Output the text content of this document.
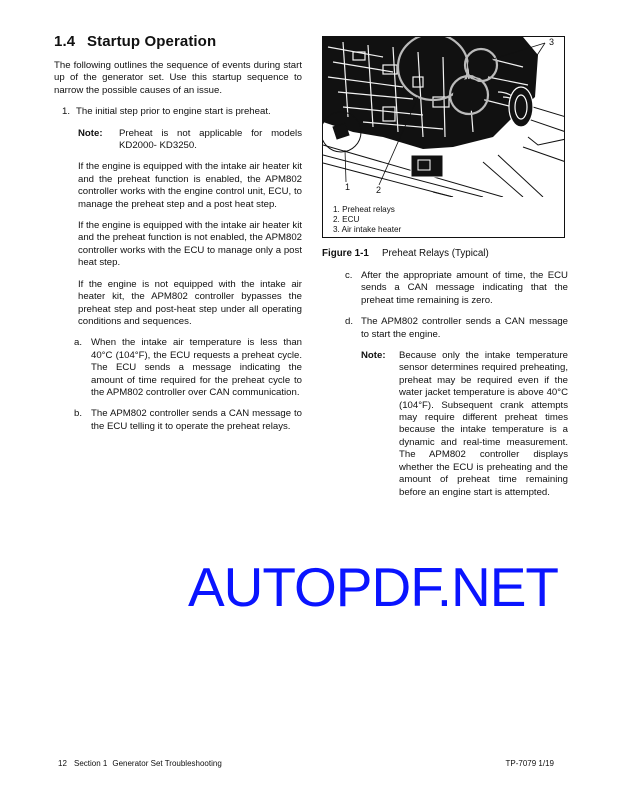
1.4 Startup Operation
The following outlines the sequence of events during start up of the generator set. Use this startup sequence to narrow the possible causes of an issue.
1. The initial step prior to engine start is preheat.
Note:	Preheat is not applicable for models KD2000- KD3250.
If the engine is equipped with the intake air heater kit and the preheat function is enabled, the APM802 controller works with the engine control unit, ECU, to manage the preheat step and a post heat step.
If the engine is equipped with the intake air heater kit and the preheat function is not enabled, the APM802 controller works with the ECU to manage only a post heat step.
If the engine is not equipped with the intake air heater kit, the APM802 controller bypasses the preheat step and post-heat step under all operating conditions and sequences.
a. When the intake air temperature is less than 40°C (104°F), the ECU requests a preheat cycle. The ECU sends a message indicating the amount of time required for the preheat cycle to the APM802 controller over CAN communication.
b. The APM802 controller sends a CAN message to the ECU telling it to operate the preheat relays.
1	2
3
1. Preheat relays
2. ECU
3. Air intake heater
Figure 1-1 Preheat Relays (Typical)
c. After the appropriate amount of time, the ECU sends a CAN message indicating that the preheat time remaining is zero.
d. The APM802 controller sends a CAN message to start the engine.
Note:	Because only the intake temperature sensor determines required preheating, preheat may be required even if the water jacket temperature is above 40°C (104°F). Subsequent crank attempts may require different preheat times because the intake temperature is a dynamic and real-time measurement. The APM802 controller displays whether the ECU is preheating and the amount of preheat time remaining before an engine start is attempted.
AUTOPDF.NET
12 Section 1 Generator Set Troubleshooting	TP-7079 1/19
